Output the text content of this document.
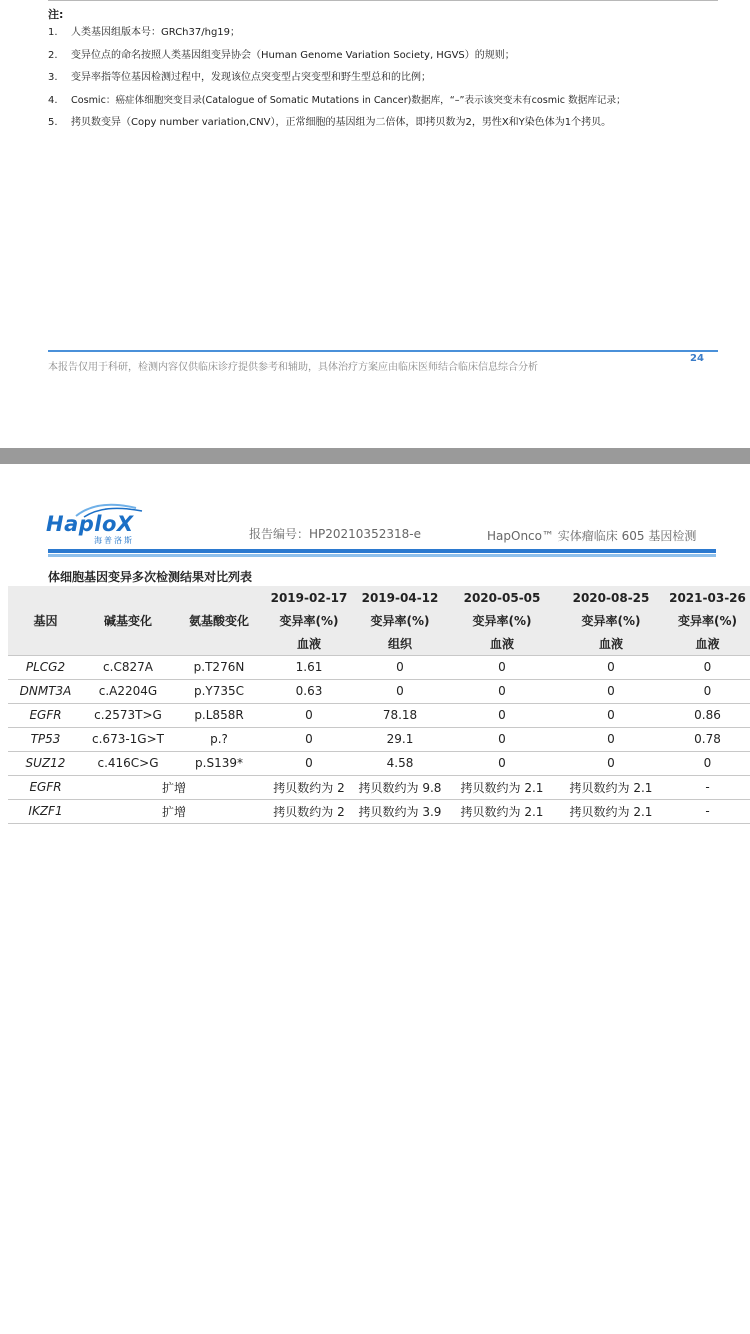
注:
1.	人类基因组版本号：GRCh37/hg19；
2.	变异位点的命名按照人类基因组变异协会（Human Genome Variation Society, HGVS）的规则；
3.	变异率指等位基因检测过程中，发现该位点突变型占突变型和野生型总和的比例；
4.	Cosmic：癌症体细胞突变目录(Catalogue of Somatic Mutations in Cancer)数据库，“–”表示该突变未有cosmic 数据库记录；
5.	拷贝数变异（Copy number variation,CNV），正常细胞的基因组为二倍体，即拷贝数为2，男性X和Y染色体为1个拷贝。
本报告仅用于科研，检测内容仅供临床诊疗提供参考和辅助，具体治疗方案应由临床医师结合临床信息综合分析
24
HaploX
海普洛斯	报告编号：HP20210352318-e	HapOnco™ 实体瘤临床 605 基因检测
体细胞基因变异多次检测结果对比列表
基因	碱基变化	氨基酸变化	2019-02-17	2019-04-12	2020-05-05	2020-08-25	2021-03-26
			变异率(%)	变异率(%)	变异率(%)	变异率(%)	变异率(%)
			血液	组织	血液	血液	血液
PLCG2	c.C827A	p.T276N	1.61	0	0	0	0
DNMT3A	c.A2204G	p.Y735C	0.63	0	0	0	0
EGFR	c.2573T>G	p.L858R	0	78.18	0	0	0.86
TP53	c.673-1G>T	p.?	0	29.1	0	0	0.78
SUZ12	c.416C>G	p.S139*	0	4.58	0	0	0
EGFR	扩增		拷贝数约为 2	拷贝数约为 9.8	拷贝数约为 2.1	拷贝数约为 2.1	-
IKZF1	扩增		拷贝数约为 2	拷贝数约为 3.9	拷贝数约为 2.1	拷贝数约为 2.1	-
